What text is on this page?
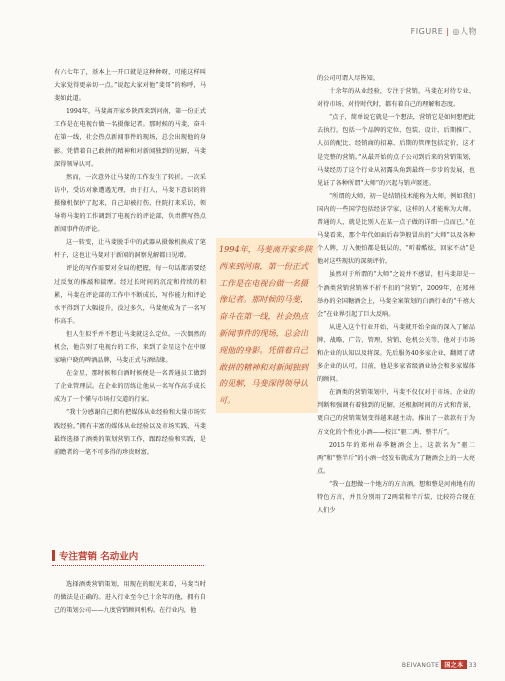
FIGURE | ◎人物

有六七年了，基本上一开口就是这种种呀，可能这样叫大家觉得更亲切一点。”说起大家对他“斐哥”的称呼，马斐如此道。

1994年，马斐离开家乡陕西来到河南，第一份正式工作是在电视台做一名摄像记者。那时候的马斐，奋斗在第一线，社会热点新闻事件的现场，总会出现他的身影。凭借着自己敢拼的精神和对新闻独到的见解，马斐深得领导认可。

然而，一次意外让马斐的工作发生了转折。一次采访中，受访对象遭遇无理，由于打人，马斐下意识的将摄像机保护了起来，自己却被打伤，住院打来采访，领导将马斐的工作调到了电视台的评论部，负责撰写热点新闻事件的评论。

这一转变，让马斐脱手中的武器从摄像机换成了笔杆子，这也让马斐对于新闻的洞察见解都日见增。

评论的写作需要对全局的把握，每一句话都需要经过反复的推敲和揣摩。经过长时间的沉淀和持续的积累，马斐在评论部的工作中不断成长，写作能力和评论水平得到了大幅提升，没过多久，马斐便成为了一名写作高手。

但人生似乎并不想让马斐就这么定位。一次偶然的机会，他告别了电视台的工作，来到了金星这个在中原家喻户晓的啤酒品牌，马斐正式与酒结缘。

在金星，那时候和白酒时候便是一名普通员工做到了企业管理层。在企业的历练让他从一名写作高手成长成为了一个懂与市场打交道的行家。

“我十分感谢自己拥有把媒体从业经验和大量市场实践经验。”拥有丰富的媒体从业经验以及市场实践，马斐最终选择了酒类的策划营销工作，跟踪经验和实践，是前瞻者的一笔不可多得的珍贵财富。

专注营销 名动业内

选择酒类营销策划，用现在的眼光来看，马斐当时的做法是正确的。进入行业至今已十余年的他，拥有自己的策划公司——九度营销顾问机构。在行业内，他

1994年，马斐离开家乡陕西来到河南，第一份正式工作是在电视台做一名摄像记者。那时候的马斐，奋斗在第一线，社会热点新闻事件的现场，总会出现他的身影。凭借着自己敢拼的精神和对新闻独到的见解，马斐深得领导认可。

的公司可谓人尽皆知。

十余年的从业经验，专注于营销，马斐在对待专业、对待市场、对待时代时，都有着自己的理解和态度。

“点子，简单说它就是一个想法，营销它是如何想把此去执行，包括一个品牌的定位、包装、设计、后期推广、人员的配比、经销商的招募、后期的管理包括定价，这才是完整的营销。”从最开始的点子公司到后来的营销策划，马斐经历了这个行业从初露头角到最终一步步的发展，也见证了各种所谓“大师”的兴起与销声匿迹。

“所谓的大师，初一是结销技术能称为大师，例如我们国内的一些国学包括经济学家，这样的人才能称为大师。普通的人，就是比别人在某一点子做的详细一点而已。”在马斐看来，那个年代如面后春笋般冒出的“大师”以及各种个人牌，万入便怕都是低层的，“听着酷炫，回家不动”是他对这些现状的深刻评价。

虽然对于所谓的“大师”之说并不感冒，但马斐却是一个酒类营销营销界不折不扣的“营销”，2009年，在郑州举办的全国糖酒会上，马斐全案策划的白酒行业的“千禧大会”在业界引起了巨大反响。

从进入这个行业开始，马斐就开始全面的深入了解品牌、战略、广告、管理、营销、危机公关等，他对于市场和企业的认知以及将深。先后服务40多家企业，翻阅了诸多企业的认可，目前，他是多家省级酒业协会和多家媒体的顾问。

在酒类的营销策划中，马斐不仅仅对于市场、企业的判断和强调有着独到的见解，还根据时间的方式和背景，更自己的营销策划变得越来越主动。推出了一款款有于为方文化的个性化小酒——校江“驱二两、整半斤”。

2015年的郑州春季糖酒会上，这款名为“驱二两”和“整半斤”的小酒一经发布就成为了糖酒会上的一大亮点。

“我一直想做一个地方的方言酒，想和整是河南地有的特色方言，并且分别用了2两装和半斤装，比较符合现在人们少

BEIVANGTE 国之本 33
